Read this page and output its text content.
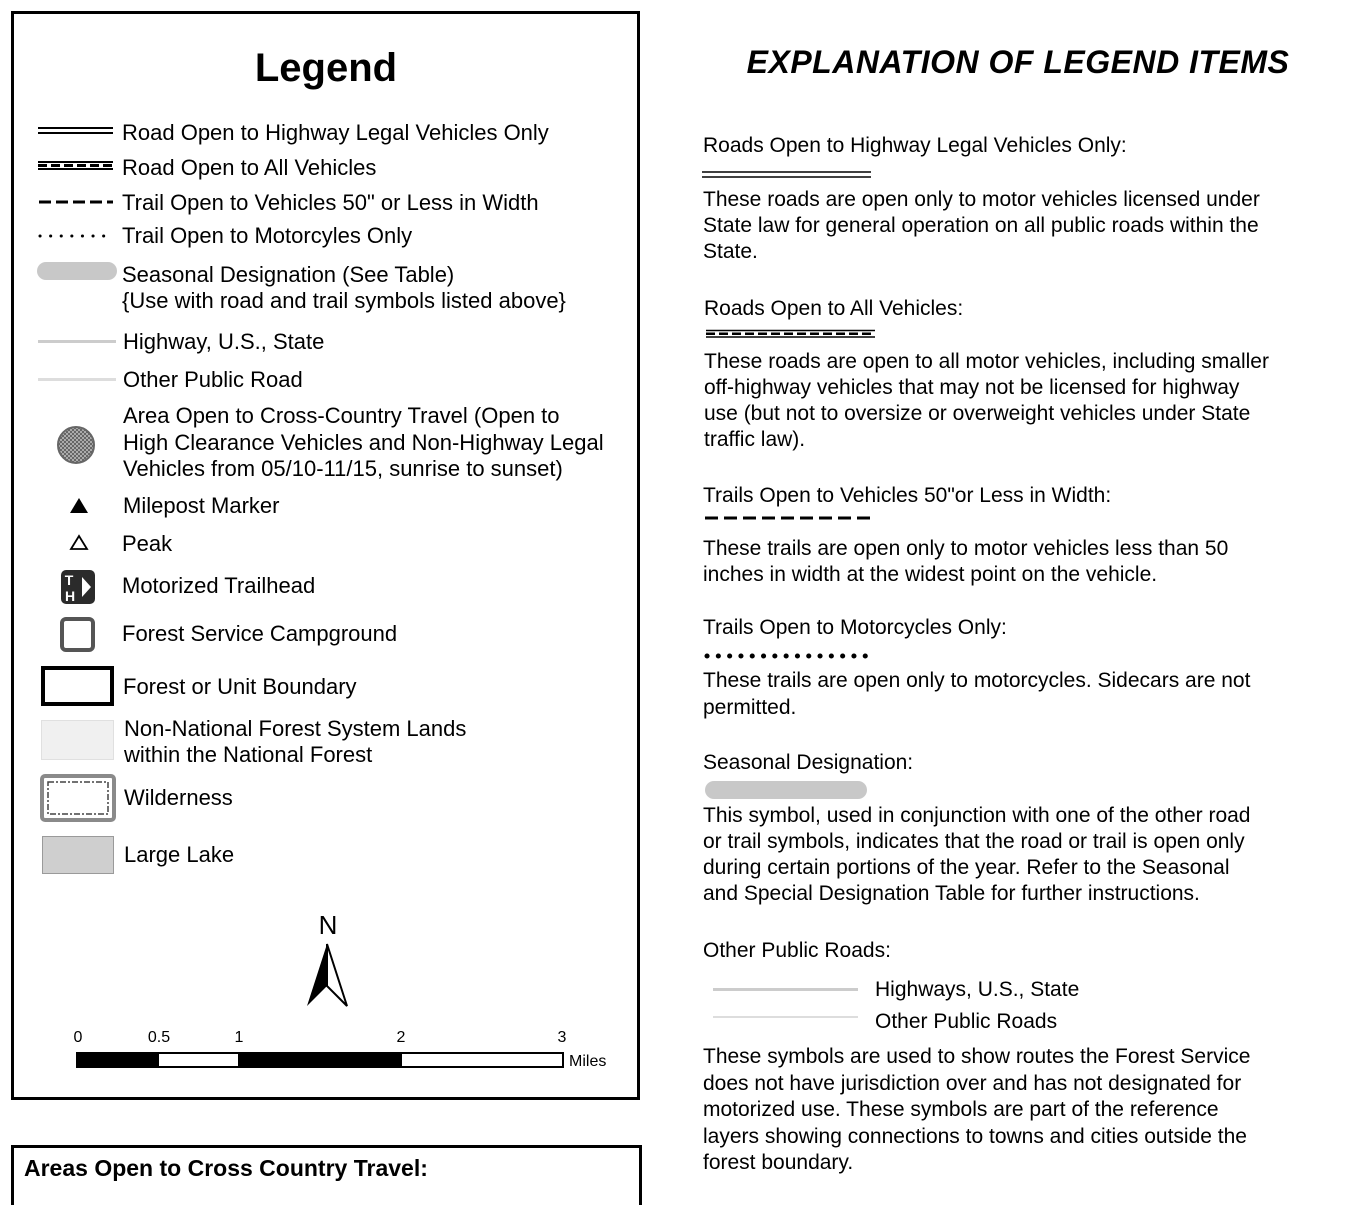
Legend
Road Open to Highway Legal Vehicles Only
Road Open to All Vehicles
Trail Open to Vehicles 50" or Less in Width
Trail Open to Motorcyles Only
Seasonal Designation (See Table)
{Use with road and trail symbols listed above}
Highway, U.S., State
Other Public Road
Area Open to Cross-Country Travel (Open to
High Clearance Vehicles and Non-Highway Legal
Vehicles from 05/10-11/15, sunrise to sunset)
Milepost Marker
Peak
T
H Motorized Trailhead
Forest Service Campground
Forest or Unit Boundary
Non-National Forest System Lands
within the National Forest
Wilderness
Large Lake
N
0	0.5	1	2	3
Miles
Areas Open to Cross Country Travel:
EXPLANATION OF LEGEND ITEMS
Roads Open to Highway Legal Vehicles Only:
These roads are open only to motor vehicles licensed under
State law for general operation on all public roads within the
State.
Roads Open to All Vehicles:
These roads are open to all motor vehicles, including smaller
off-highway vehicles that may not be licensed for highway
use (but not to oversize or overweight vehicles under State
traffic law).
Trails Open to Vehicles 50"or Less in Width:
These trails are open only to motor vehicles less than 50
inches in width at the widest point on the vehicle.
Trails Open to Motorcycles Only:
These trails are open only to motorcycles. Sidecars are not
permitted.
Seasonal Designation:
This symbol, used in conjunction with one of the other road
or trail symbols, indicates that the road or trail is open only
during certain portions of the year. Refer to the Seasonal
and Special Designation Table for further instructions.
Other Public Roads:
Highways, U.S., State
Other Public Roads
These symbols are used to show routes the Forest Service
does not have jurisdiction over and has not designated for
motorized use. These symbols are part of the reference
layers showing connections to towns and cities outside the
forest boundary.
